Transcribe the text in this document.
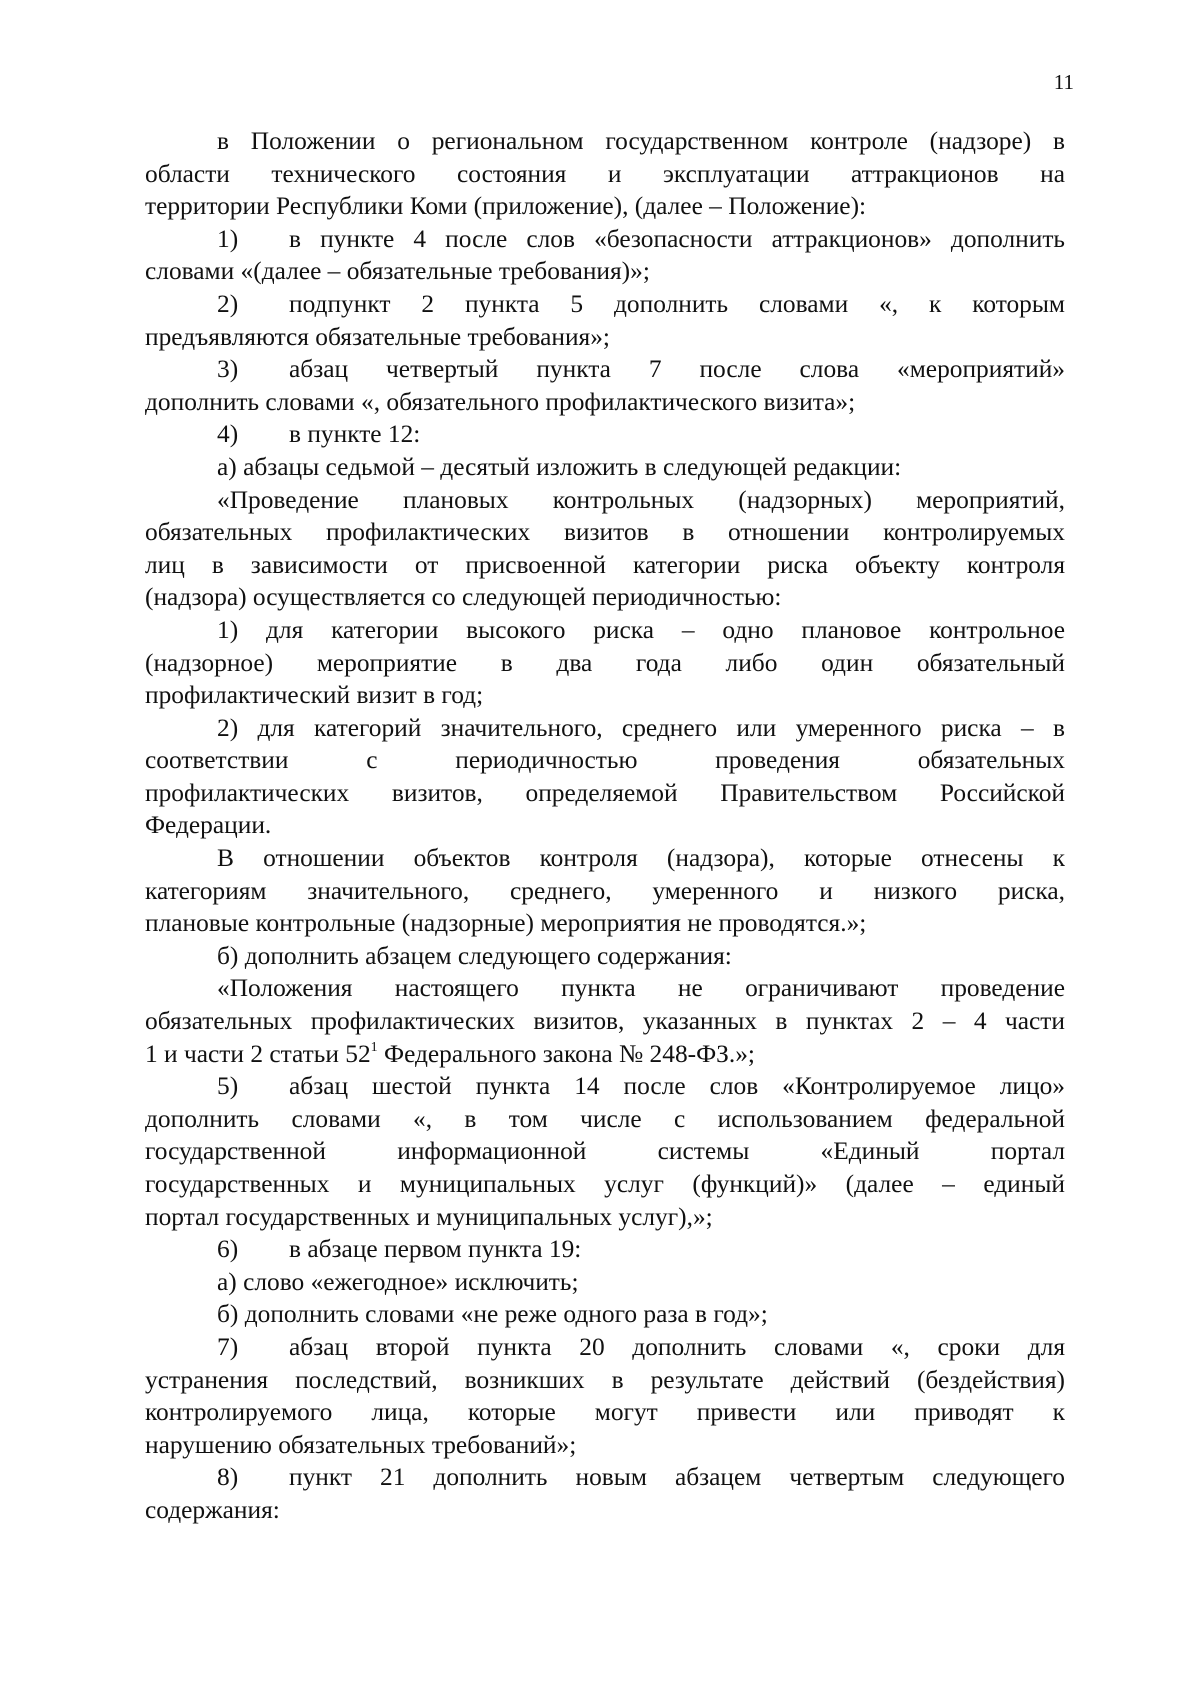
11
в Положении о региональном государственном контроле (надзоре) в
области технического состояния и эксплуатации аттракционов на
территории Республики Коми (приложение), (далее – Положение):
1) в пункте 4 после слов «безопасности аттракционов» дополнить
словами «(далее – обязательные требования)»;
2) подпункт 2 пункта 5 дополнить словами «, к которым
предъявляются обязательные требования»;
3) абзац четвертый пункта 7 после слова «мероприятий»
дополнить словами «, обязательного профилактического визита»;
4) в пункте 12:
а) абзацы седьмой – десятый изложить в следующей редакции:
«Проведение плановых контрольных (надзорных) мероприятий,
обязательных профилактических визитов в отношении контролируемых
лиц в зависимости от присвоенной категории риска объекту контроля
(надзора) осуществляется со следующей периодичностью:
1) для категории высокого риска – одно плановое контрольное
(надзорное) мероприятие в два года либо один обязательный
профилактический визит в год;
2) для категорий значительного, среднего или умеренного риска – в
соответствии с периодичностью проведения обязательных
профилактических визитов, определяемой Правительством Российской
Федерации.
В отношении объектов контроля (надзора), которые отнесены к
категориям значительного, среднего, умеренного и низкого риска,
плановые контрольные (надзорные) мероприятия не проводятся.»;
б) дополнить абзацем следующего содержания:
«Положения настоящего пункта не ограничивают проведение
обязательных профилактических визитов, указанных в пунктах 2 – 4 части
1 и части 2 статьи $52^1$ Федерального закона № 248-ФЗ.»;
5) абзац шестой пункта 14 после слов «Контролируемое лицо»
дополнить словами «, в том числе с использованием федеральной
государственной информационной системы «Единый портал
государственных и муниципальных услуг (функций)» (далее – единый
портал государственных и муниципальных услуг),»;
6) в абзаце первом пункта 19:
а) слово «ежегодное» исключить;
б) дополнить словами «не реже одного раза в год»;
7) абзац второй пункта 20 дополнить словами «, сроки для
устранения последствий, возникших в результате действий (бездействия)
контролируемого лица, которые могут привести или приводят к
нарушению обязательных требований»;
8) пункт 21 дополнить новым абзацем четвертым следующего
содержания:
